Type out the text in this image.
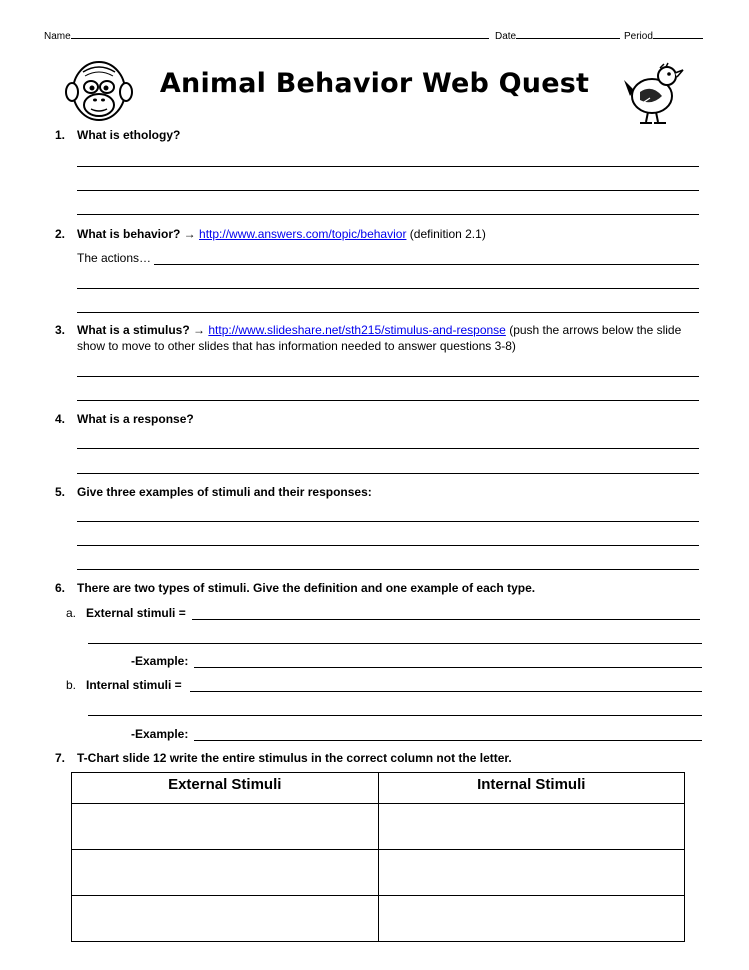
Name	Date	Period
Animal Behavior Web Quest
1. What is ethology?
2. What is behavior? → http://www.answers.com/topic/behavior (definition 2.1)
The actions…
3. What is a stimulus? → http://www.slideshare.net/sth215/stimulus-and-response (push the arrows below the slide
show to move to other slides that has information needed to answer questions 3-8)
4. What is a response?
5. Give three examples of stimuli and their responses:
6. There are two types of stimuli. Give the definition and one example of each type.
a. External stimuli =
-Example:
b. Internal stimuli =
-Example:
7. T-Chart slide 12 write the entire stimulus in the correct column not the letter.
External Stimuli	Internal Stimuli
